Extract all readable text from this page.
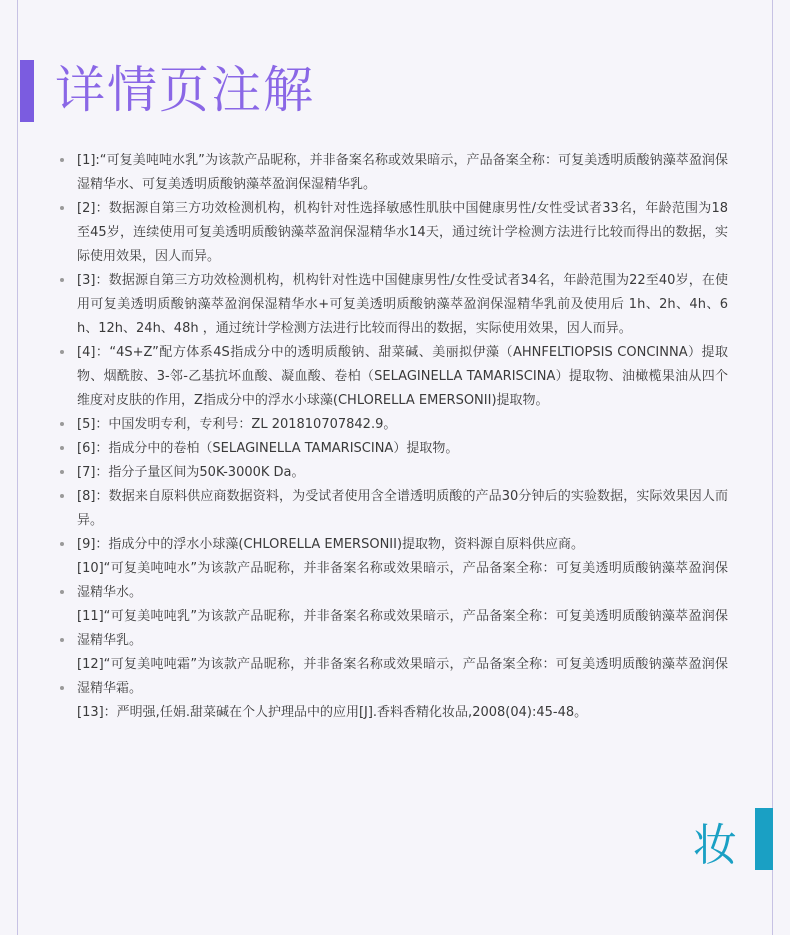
详情页注解
[1]:“可复美吨吨水乳”为该款产品昵称，并非备案名称或效果暗示，产品备案全称：可复美透明质酸钠藻萃盈润保湿精华水、可复美透明质酸钠藻萃盈润保湿精华乳。
[2]：数据源自第三方功效检测机构，机构针对性选择敏感性肌肤中国健康男性/女性受试者33名，年龄范围为18至45岁，连续使用可复美透明质酸钠藻萃盈润保湿精华水14天，通过统计学检测方法进行比较而得出的数据，实际使用效果，因人而异。
[3]：数据源自第三方功效检测机构，机构针对性选中国健康男性/女性受试者34名，年龄范围为22至40岁，在使用可复美透明质酸钠藻萃盈润保湿精华水+可复美透明质酸钠藻萃盈润保湿精华乳前及使用后 1h、2h、4h、6h、12h、24h、48h ，通过统计学检测方法进行比较而得出的数据，实际使用效果，因人而异。
[4]：“4S+Z”配方体系4S指成分中的透明质酸钠、甜菜碱、美丽拟伊藻（AHNFELTIOPSIS CONCINNA）提取物、烟酰胺、3-邻-乙基抗坏血酸、凝血酸、卷柏（SELAGINELLA TAMARISCINA）提取物、油橄榄果油从四个维度对皮肤的作用，Z指成分中的浮水小球藻(CHLORELLA EMERSONII)提取物。
[5]：中国发明专利，专利号：ZL 201810707842.9。
[6]：指成分中的卷柏（SELAGINELLA TAMARISCINA）提取物。
[7]：指分子量区间为50K-3000K Da。
[8]：数据来自原料供应商数据资料，为受试者使用含全谱透明质酸的产品30分钟后的实验数据，实际效果因人而异。
[9]：指成分中的浮水小球藻(CHLORELLA EMERSONII)提取物，资料源自原料供应商。
[10]“可复美吨吨水”为该款产品昵称，并非备案名称或效果暗示，产品备案全称：可复美透明质酸钠藻萃盈润保湿精华水。
[11]“可复美吨吨乳”为该款产品昵称，并非备案名称或效果暗示，产品备案全称：可复美透明质酸钠藻萃盈润保湿精华乳。
[12]“可复美吨吨霜”为该款产品昵称，并非备案名称或效果暗示，产品备案全称：可复美透明质酸钠藻萃盈润保湿精华霜。
[13]：严明强,任娟.甜菜碱在个人护理品中的应用[J].香料香精化妆品,2008(04):45-48。
妆
